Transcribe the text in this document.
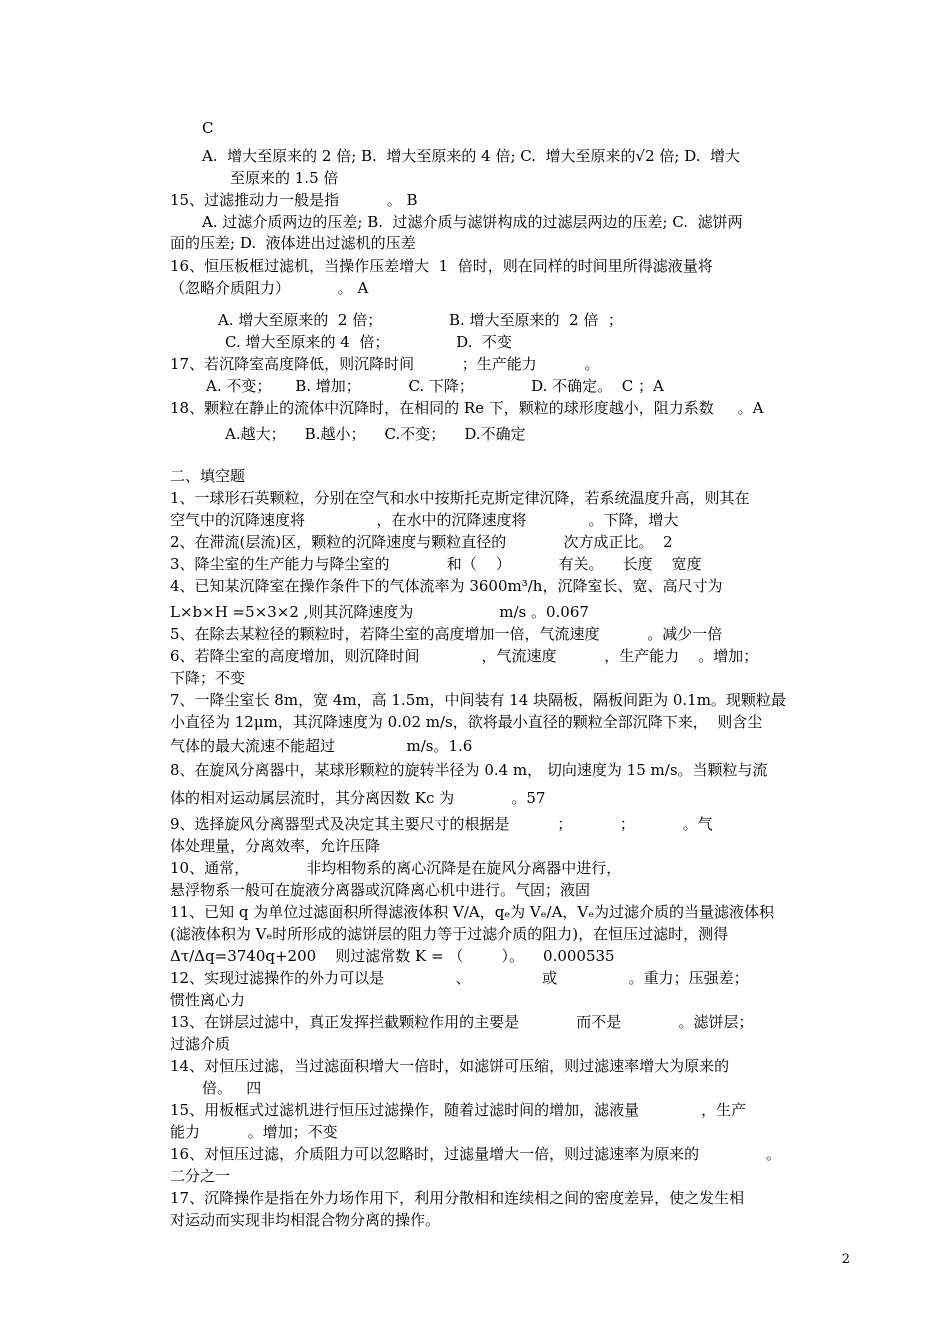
C
A.  增大至原来的 2 倍; B.  增大至原来的 4 倍; C.  增大至原来的√2 倍; D.  增大
至原来的 1.5 倍
15、过滤推动力一般是指          。 B
A. 过滤介质两边的压差; B.  过滤介质与滤饼构成的过滤层两边的压差; C.  滤饼两
面的压差; D.  液体进出过滤机的压差
16、恒压板框过滤机，当操作压差增大  1  倍时，则在同样的时间里所得滤液量将
（忽略介质阻力）          。 A
A. 增大至原来的  2 倍；              B. 增大至原来的  2 倍  ；
C. 增大至原来的 4  倍；              D.  不变
17、若沉降室高度降低，则沉降时间          ；生产能力          。
A. 不变；     B. 增加；          C. 下降；            D. 不确定。  C ；A
18、颗粒在静止的流体中沉降时，在相同的 Re 下，颗粒的球形度越小，阻力系数     。A
A.越大；    B.越小；    C.不变；    D.不确定
二、填空题
1、一球形石英颗粒，分别在空气和水中按斯托克斯定律沉降，若系统温度升高，则其在
空气中的沉降速度将               ，在水中的沉降速度将             。下降，增大
2、在滞流(层流)区，颗粒的沉降速度与颗粒直径的            次方成正比。  2
3、降尘室的生产能力与降尘室的            和（    ）          有关。    长度    宽度
4、已知某沉降室在操作条件下的气体流率为 3600m³/h，沉降室长、宽、高尺寸为
L×b×H =5×3×2 ,则其沉降速度为                  m/s 。0.067
5、在除去某粒径的颗粒时，若降尘室的高度增加一倍，气流速度          。减少一倍
6、若降尘室的高度增加，则沉降时间             ，气流速度          ，生产能力    。增加；
下降；不变
7、一降尘室长 8m，宽 4m，高 1.5m，中间装有 14 块隔板，隔板间距为 0.1m。现颗粒最
小直径为 12μm，其沉降速度为 0.02 m/s，欲将最小直径的颗粒全部沉降下来，  则含尘
气体的最大流速不能超过               m/s。1.6
8、在旋风分离器中，某球形颗粒的旋转半径为 0.4 m， 切向速度为 15 m/s。当颗粒与流
体的相对运动属层流时，其分离因数 Kc 为            。57
9、选择旋风分离器型式及决定其主要尺寸的根据是          ；          ；          。气
体处理量，分离效率，允许压降
10、通常，            非均相物系的离心沉降是在旋风分离器中进行，
悬浮物系一般可在旋液分离器或沉降离心机中进行。气固；液固
11、已知 q 为单位过滤面积所得滤液体积 V/A，qₑ为 Vₑ/A，Vₑ为过滤介质的当量滤液体积
(滤液体积为 Vₑ时所形成的滤饼层的阻力等于过滤介质的阻力)，在恒压过滤时，测得
Δτ/Δq=3740q+200    则过滤常数 K = （        ）。    0.000535
12、实现过滤操作的外力可以是               、               或               。重力；压强差；
惯性离心力
13、在饼层过滤中，真正发挥拦截颗粒作用的主要是            而不是            。滤饼层；
过滤介质
14、对恒压过滤，当过滤面积增大一倍时，如滤饼可压缩，则过滤速率增大为原来的
倍。   四
15、用板框式过滤机进行恒压过滤操作，随着过滤时间的增加，滤液量             ，生产
能力          。增加；不变
16、对恒压过滤，介质阻力可以忽略时，过滤量增大一倍，则过滤速率为原来的              。
二分之一
17、沉降操作是指在外力场作用下，利用分散相和连续相之间的密度差异，使之发生相
对运动而实现非均相混合物分离的操作。
2
